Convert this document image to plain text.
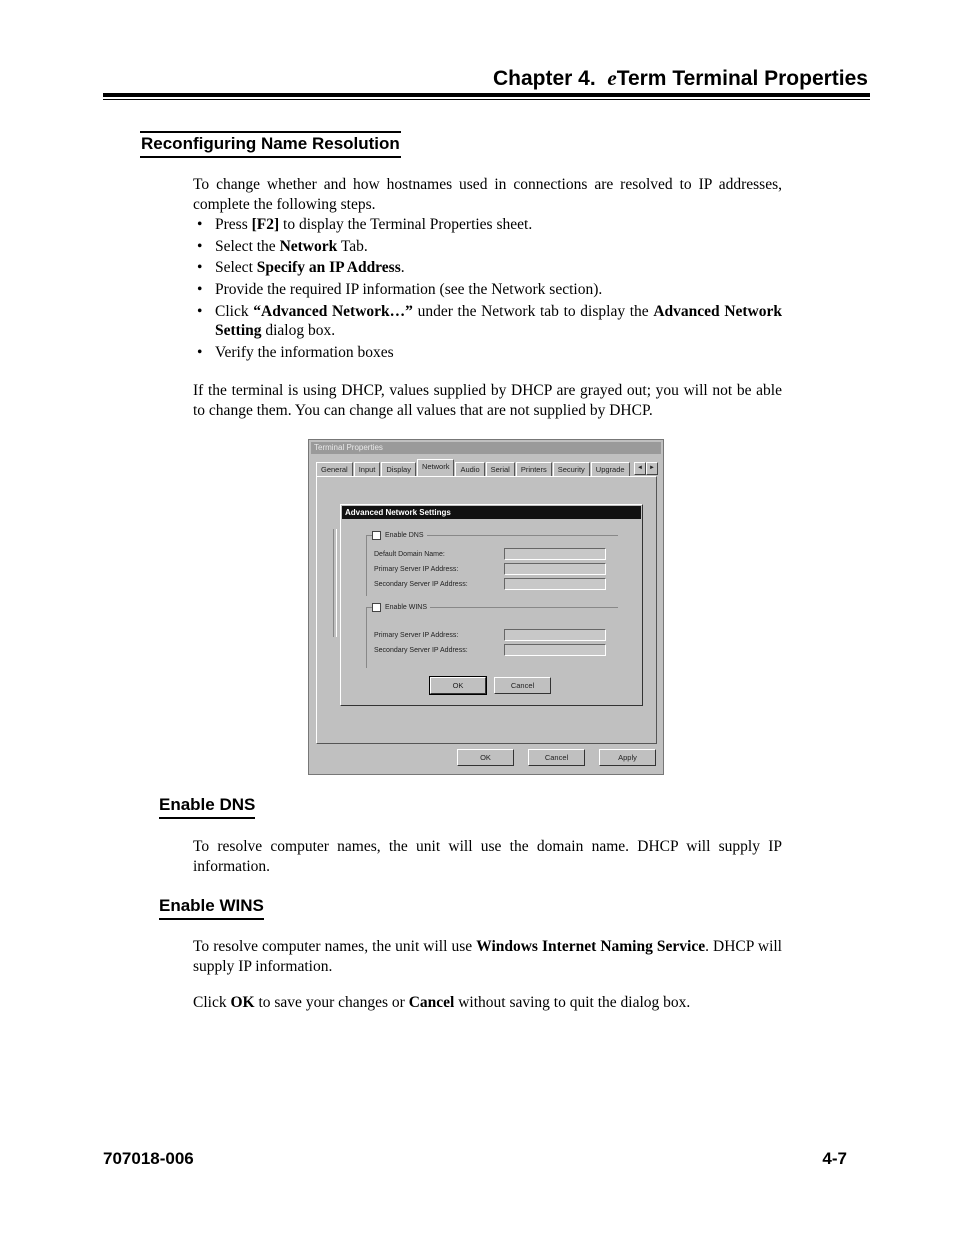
Chapter 4. eTerm Terminal Properties
Reconfiguring Name Resolution
To change whether and how hostnames used in connections are resolved to IP addresses, complete the following steps.
• Press [F2] to display the Terminal Properties sheet.
• Select the Network Tab.
• Select Specify an IP Address.
• Provide the required IP information (see the Network section).
• Click “Advanced Network…” under the Network tab to display the Advanced Network Setting dialog box.
• Verify the information boxes
If the terminal is using DHCP, values supplied by DHCP are grayed out; you will not be able to change them. You can change all values that are not supplied by DHCP.
Terminal Properties
General	Input	Display	Network	Audio	Serial	Printers	Security	Upgrade	◄	►
Advanced Network Settings
Enable DNS
Default Domain Name:
Primary Server IP Address:
Secondary Server IP Address:
Enable WINS
Primary Server IP Address:
Secondary Server IP Address:
OK	Cancel
OK	Cancel	Apply
Enable DNS
To resolve computer names, the unit will use the domain name. DHCP will supply IP information.
Enable WINS
To resolve computer names, the unit will use Windows Internet Naming Service. DHCP will supply IP information.
Click OK to save your changes or Cancel without saving to quit the dialog box.
707018-006	4-7
